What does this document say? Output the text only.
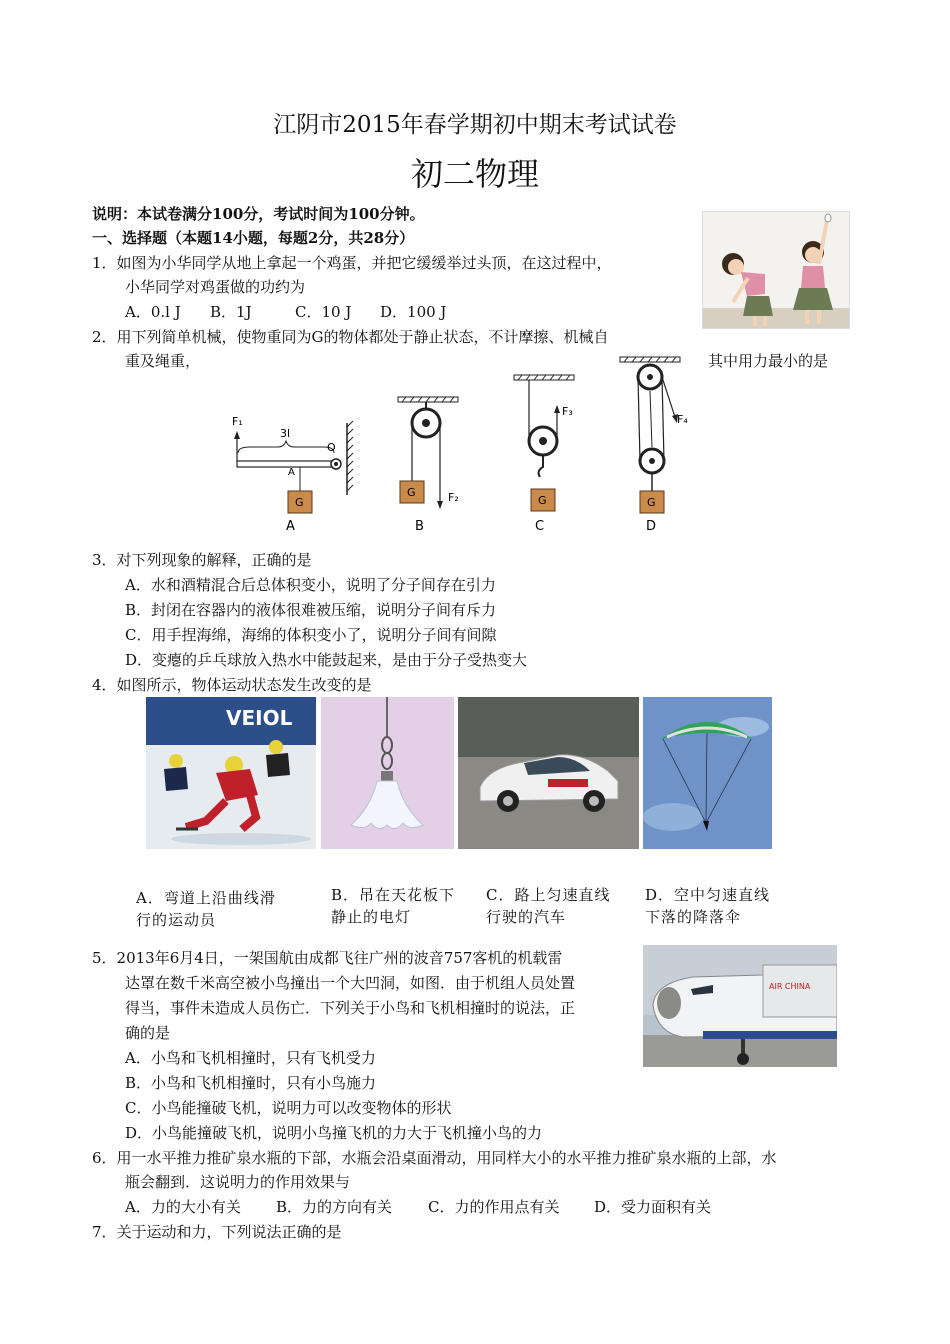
江阴市2015年春学期初中期末考试试卷
初二物理
说明：本试卷满分100分，考试时间为100分钟。
一、选择题（本题14小题，每题2分，共28分）
1．如图为小华同学从地上拿起一个鸡蛋，并把它缓缓举过头顶，在这过程中，
小华同学对鸡蛋做的功约为
A．0.l J B．1J	C．10 J D．100 J
2．用下列简单机械，使物重同为G的物体都处于静止状态，不计摩擦、机械自
重及绳重，	其中用力最小的是
F₁
3l
O
A
G
A
G	F₂
B
G
F₃
C
G
F₄
D
3．对下列现象的解释，正确的是
A．水和酒精混合后总体积变小，说明了分子间存在引力
B．封闭在容器内的液体很难被压缩，说明分子间有斥力
C．用手捏海绵，海绵的体积变小了，说明分子间有间隙
D．变瘪的乒乓球放入热水中能鼓起来，是由于分子受热变大
4．如图所示，物体运动状态发生改变的是
VEIOL
A．弯道上沿曲线滑行的运动员
B．吊在天花板下静止的电灯
C．路上匀速直线行驶的汽车
D．空中匀速直线下落的降落伞
5．2013年6月4日，一架国航由成都飞往广州的波音757客机的机载雷
达罩在数千米高空被小鸟撞出一个大凹洞，如图．由于机组人员处置
得当，事件未造成人员伤亡．下列关于小鸟和飞机相撞时的说法，正
确的是
A．小鸟和飞机相撞时，只有飞机受力
B．小鸟和飞机相撞时，只有小鸟施力
C．小鸟能撞破飞机，说明力可以改变物体的形状
D．小鸟能撞破飞机，说明小鸟撞飞机的力大于飞机撞小鸟的力
AIR CHINA
6．用一水平推力推矿泉水瓶的下部，水瓶会沿桌面滑动，用同样大小的水平推力推矿泉水瓶的上部，水
瓶会翻到．这说明力的作用效果与
A．力的大小有关 B．力的方向有关 C．力的作用点有关 D．受力面积有关
7．关于运动和力，下列说法正确的是
